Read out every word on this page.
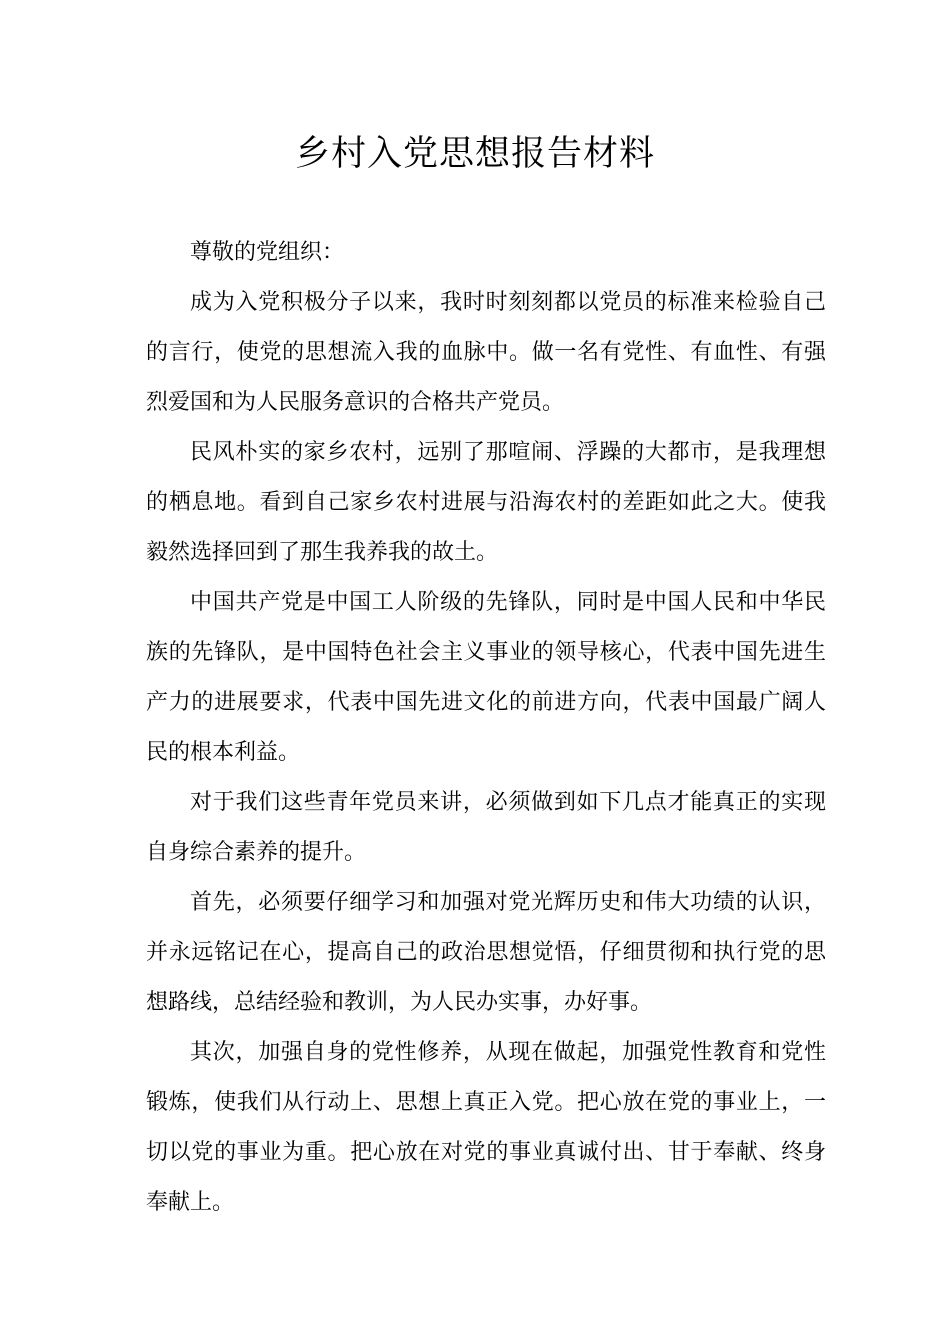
乡村入党思想报告材料

尊敬的党组织：

成为入党积极分子以来，我时时刻刻都以党员的标准来检验自己的言行，使党的思想流入我的血脉中。做一名有党性、有血性、有强烈爱国和为人民服务意识的合格共产党员。

民风朴实的家乡农村，远别了那喧闹、浮躁的大都市，是我理想的栖息地。看到自己家乡农村进展与沿海农村的差距如此之大。使我毅然选择回到了那生我养我的故土。

中国共产党是中国工人阶级的先锋队，同时是中国人民和中华民族的先锋队，是中国特色社会主义事业的领导核心，代表中国先进生产力的进展要求，代表中国先进文化的前进方向，代表中国最广阔人民的根本利益。

对于我们这些青年党员来讲，必须做到如下几点才能真正的实现自身综合素养的提升。

首先，必须要仔细学习和加强对党光辉历史和伟大功绩的认识，并永远铭记在心，提高自己的政治思想觉悟，仔细贯彻和执行党的思想路线，总结经验和教训，为人民办实事，办好事。

其次，加强自身的党性修养，从现在做起，加强党性教育和党性锻炼，使我们从行动上、思想上真正入党。把心放在党的事业上，一切以党的事业为重。把心放在对党的事业真诚付出、甘于奉献、终身奉献上。
